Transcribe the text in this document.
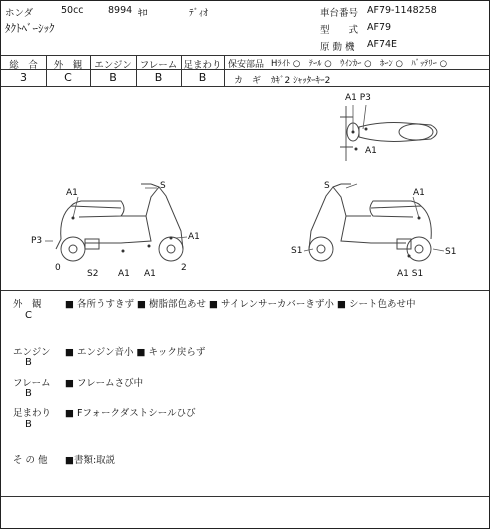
ホンダ	50cc	8994 ｷﾛ	ﾃﾞｨｵ
ﾀｸﾄﾍﾞｰｼｯｸ
車台番号 AF79-1148258
型　　式 AF79
原 動 機 AF74E
総　合	外　観	エンジン フレーム 足まわり
3	C	B	B	B
保安部品 Hﾗｲﾄ ○　ﾃｰﾙ ○　ｳｲﾝｶｰ ○　ﾎｰﾝ ○　ﾊﾞｯﾃﾘｰ ○
カ　ギ ｶｷﾞ2 ｼｬｯﾀｰｷｰ2
A1 P3
A1
S
A1
P3	A1
0
S2 A1 A1
2
S
A1
S1	S1
A1 S1
外　観
C
■ 各所うすきず ■ 樹脂部色あせ ■ サイレンサーカバーきず小 ■ シート色あせ中
エンジン
B
■ エンジン音小 ■ キック戻らず
フレーム
B
■ フレームさび中
足まわり
B
■ Fフォークダストシールひび
そ の 他 ■書類:取説
